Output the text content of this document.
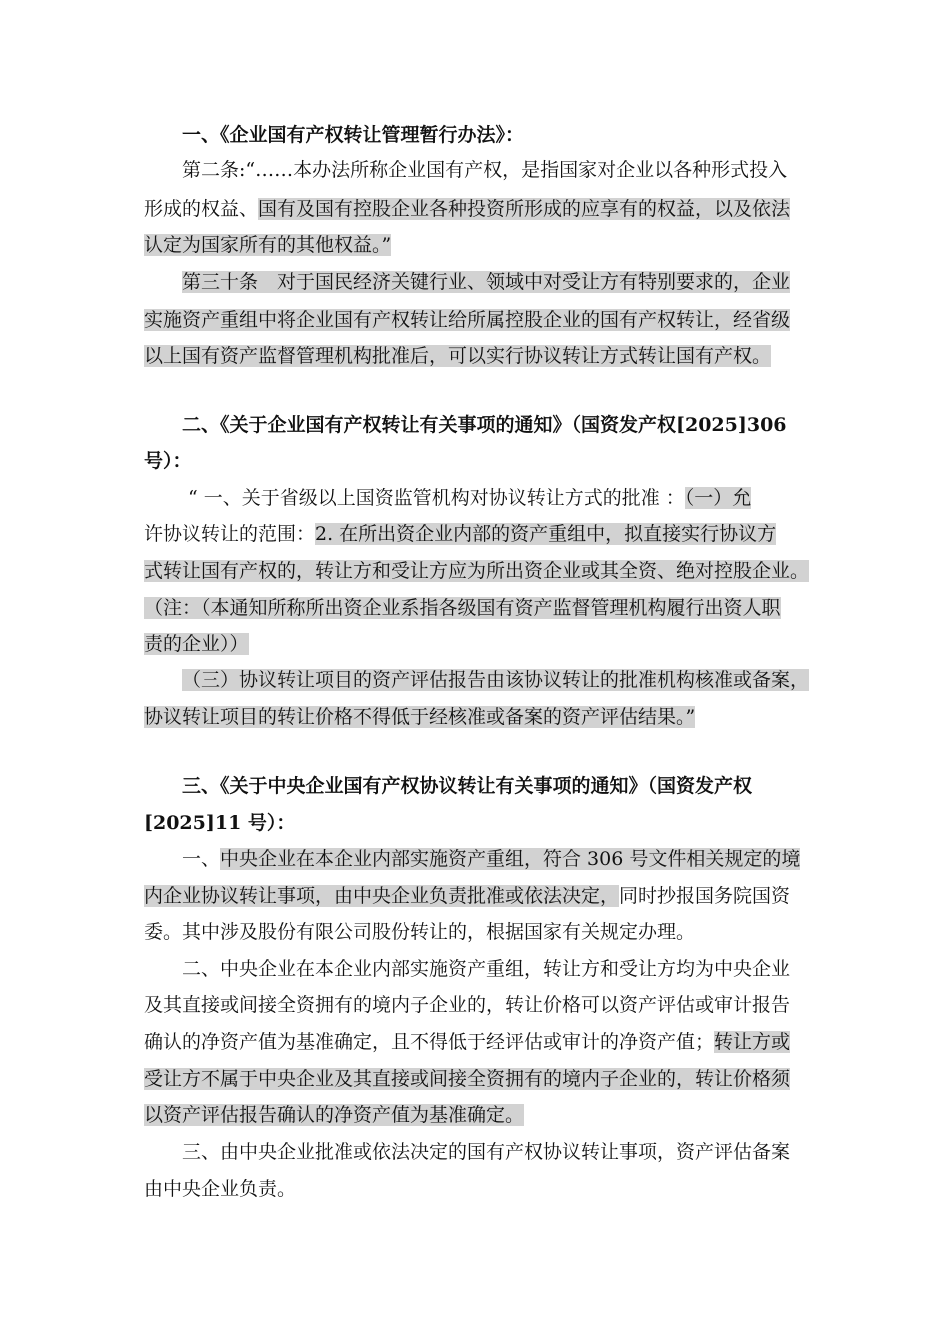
一、《企业国有产权转让管理暂行办法》：
第二条:“……本办法所称企业国有产权，是指国家对企业以各种形式投入
形成的权益、国有及国有控股企业各种投资所形成的应享有的权益，以及依法
认定为国家所有的其他权益。”
第三十条　对于国民经济关键行业、领域中对受让方有特别要求的，企业
实施资产重组中将企业国有产权转让给所属控股企业的国有产权转让，经省级
以上国有资产监督管理机构批准后，可以实行协议转让方式转让国有产权。
二、《关于企业国有产权转让有关事项的通知》（国资发产权[2025]306
号）：
“ 一、关于省级以上国资监管机构对协议转让方式的批准 ：（一）允
许协议转让的范围：2. 在所出资企业内部的资产重组中，拟直接实行协议方
式转让国有产权的，转让方和受让方应为所出资企业或其全资、绝对控股企业。
（注：（本通知所称所出资企业系指各级国有资产监督管理机构履行出资人职
责的企业））
（三）协议转让项目的资产评估报告由该协议转让的批准机构核准或备案，
协议转让项目的转让价格不得低于经核准或备案的资产评估结果。”
三、《关于中央企业国有产权协议转让有关事项的通知》（国资发产权
[2025]11 号）：
一、中央企业在本企业内部实施资产重组，符合 306 号文件相关规定的境
内企业协议转让事项，由中央企业负责批准或依法决定，同时抄报国务院国资
委。其中涉及股份有限公司股份转让的，根据国家有关规定办理。
二、中央企业在本企业内部实施资产重组，转让方和受让方均为中央企业
及其直接或间接全资拥有的境内子企业的，转让价格可以资产评估或审计报告
确认的净资产值为基准确定，且不得低于经评估或审计的净资产值；转让方或
受让方不属于中央企业及其直接或间接全资拥有的境内子企业的，转让价格须
以资产评估报告确认的净资产值为基准确定。
三、由中央企业批准或依法决定的国有产权协议转让事项，资产评估备案
由中央企业负责。
